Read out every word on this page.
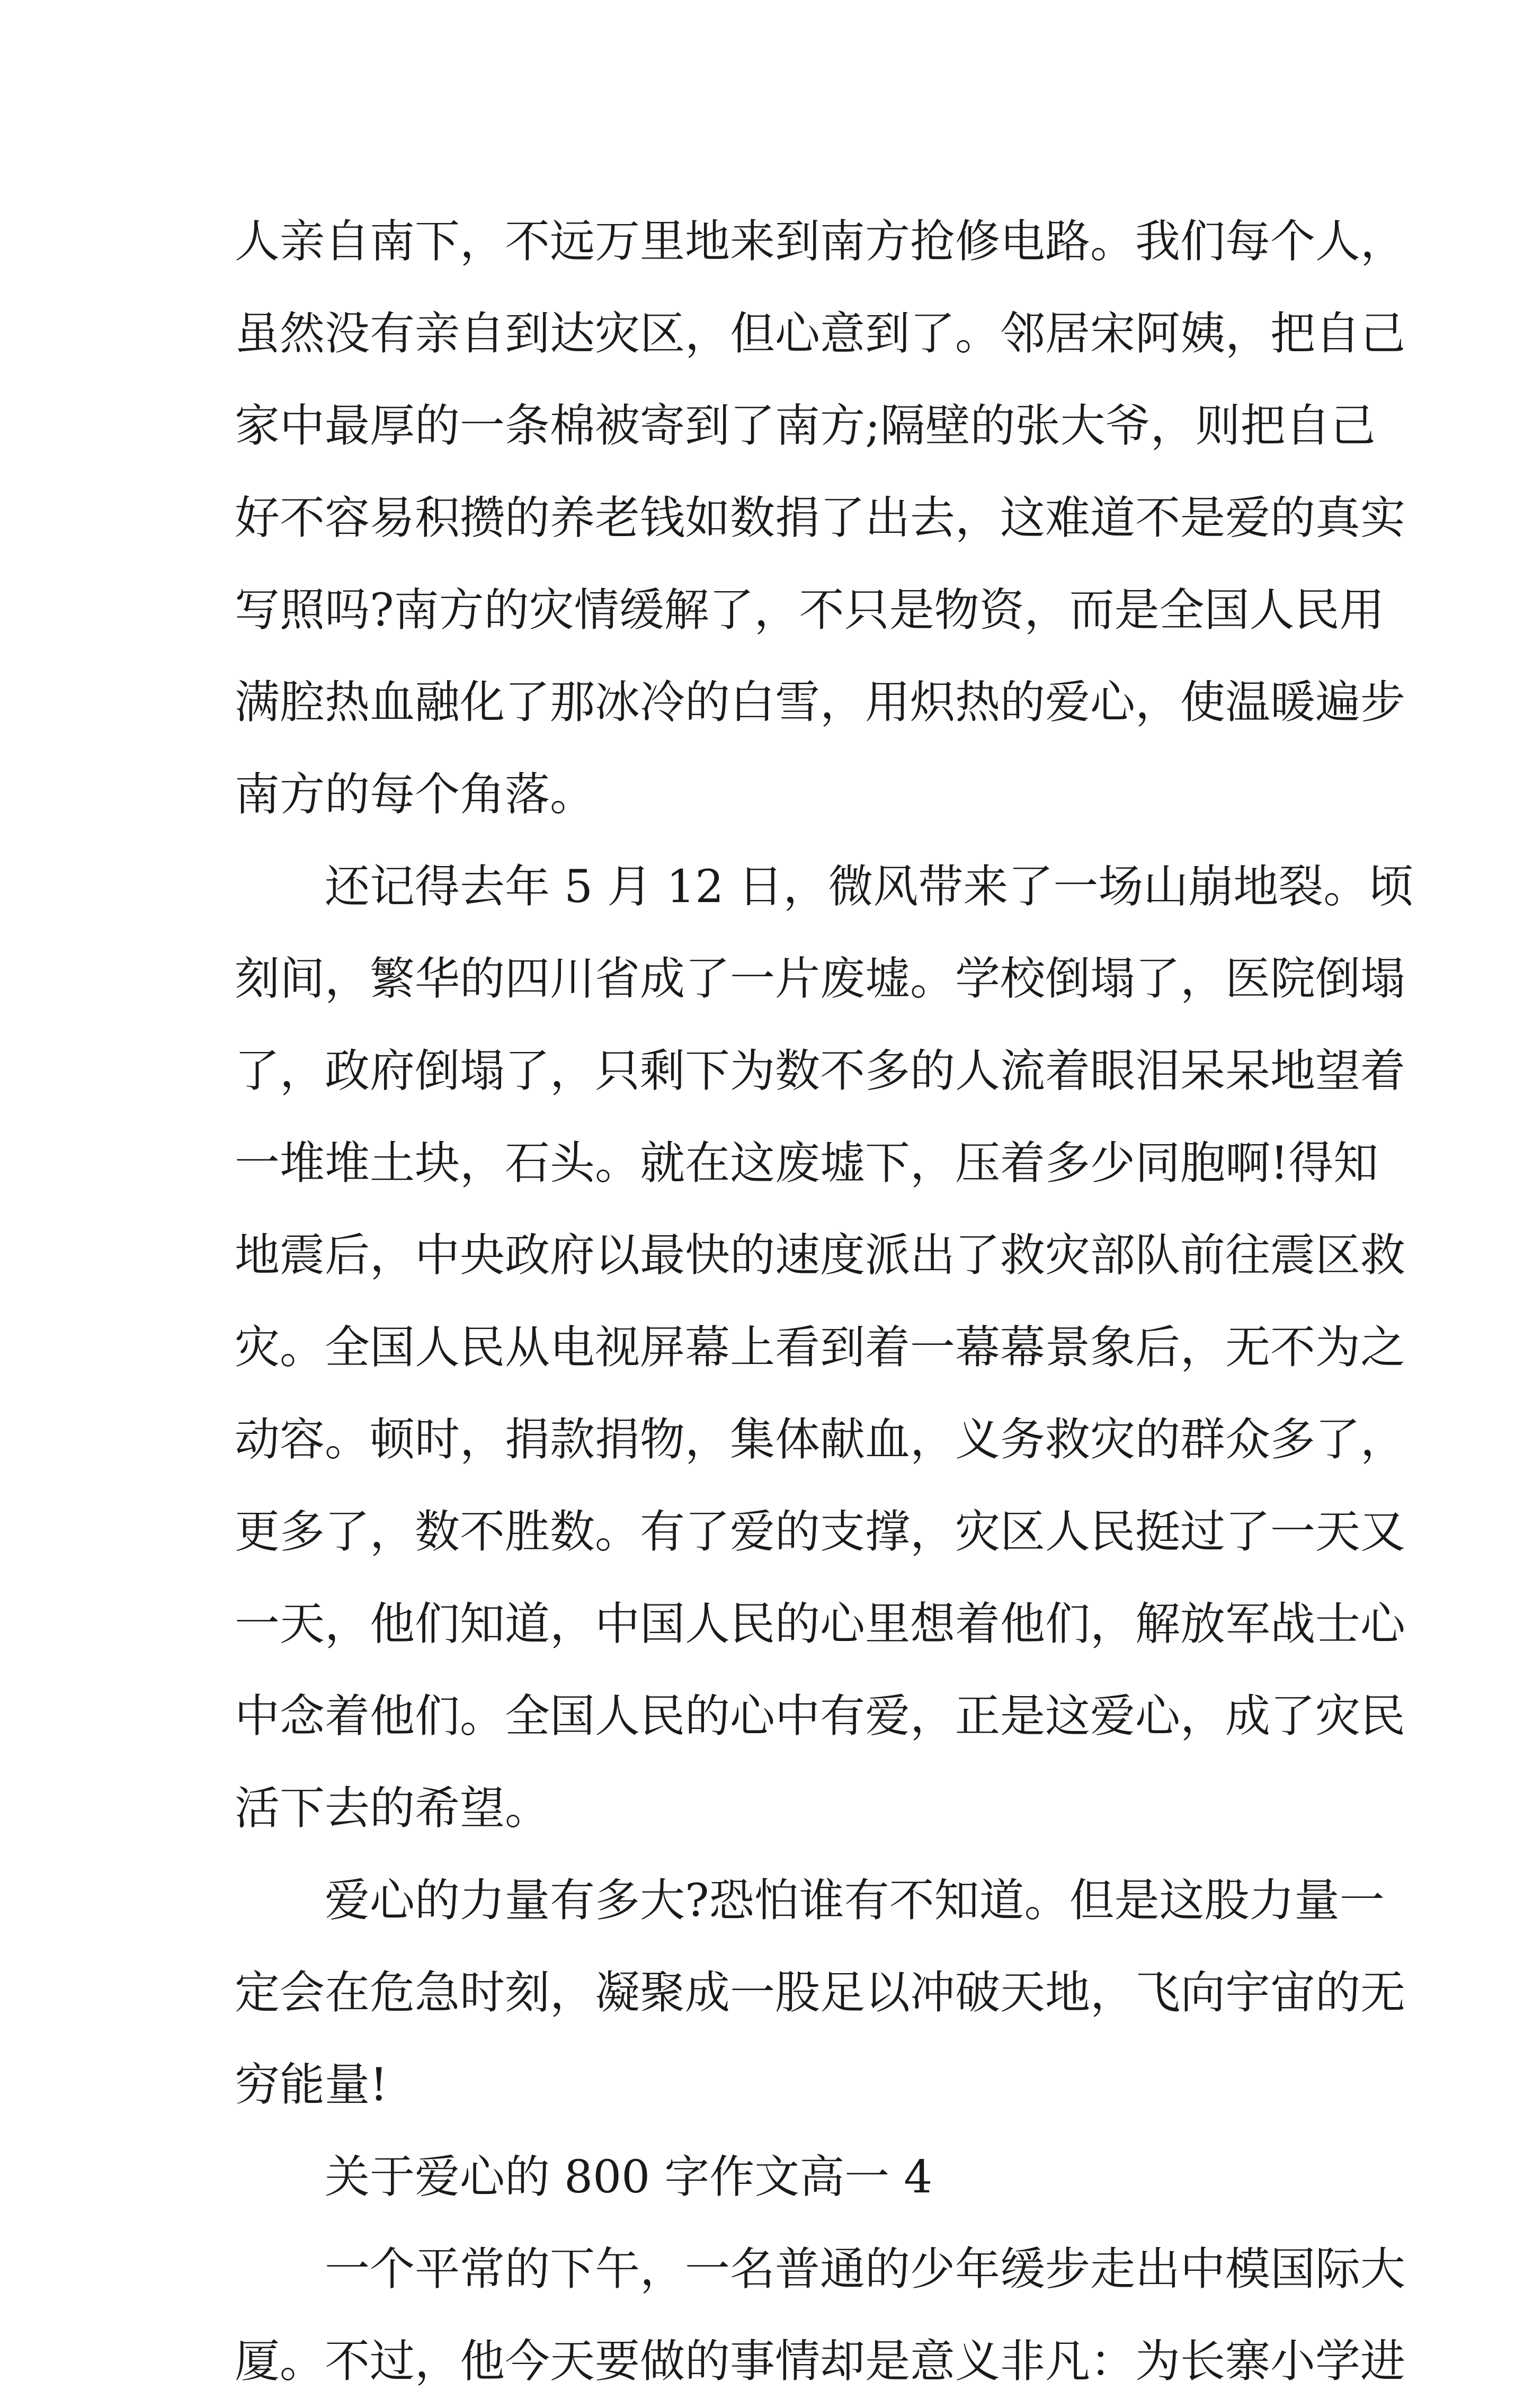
人亲自南下，不远万里地来到南方抢修电路。我们每个人，
虽然没有亲自到达灾区，但心意到了。邻居宋阿姨，把自己
家中最厚的一条棉被寄到了南方;隔壁的张大爷，则把自己
好不容易积攒的养老钱如数捐了出去，这难道不是爱的真实
写照吗?南方的灾情缓解了，不只是物资，而是全国人民用
满腔热血融化了那冰冷的白雪，用炽热的爱心，使温暖遍步
南方的每个角落。
　　还记得去年 5 月 12 日，微风带来了一场山崩地裂。顷
刻间，繁华的四川省成了一片废墟。学校倒塌了，医院倒塌
了，政府倒塌了，只剩下为数不多的人流着眼泪呆呆地望着
一堆堆土块，石头。就在这废墟下，压着多少同胞啊!得知
地震后，中央政府以最快的速度派出了救灾部队前往震区救
灾。全国人民从电视屏幕上看到着一幕幕景象后，无不为之
动容。顿时，捐款捐物，集体献血，义务救灾的群众多了，
更多了，数不胜数。有了爱的支撑，灾区人民挺过了一天又
一天，他们知道，中国人民的心里想着他们，解放军战士心
中念着他们。全国人民的心中有爱，正是这爱心，成了灾民
活下去的希望。
　　爱心的力量有多大?恐怕谁有不知道。但是这股力量一
定会在危急时刻，凝聚成一股足以冲破天地，飞向宇宙的无
穷能量!
　　关于爱心的 800 字作文高一 4
　　一个平常的下午，一名普通的少年缓步走出中模国际大
厦。不过，他今天要做的事情却是意义非凡：为长寨小学进
